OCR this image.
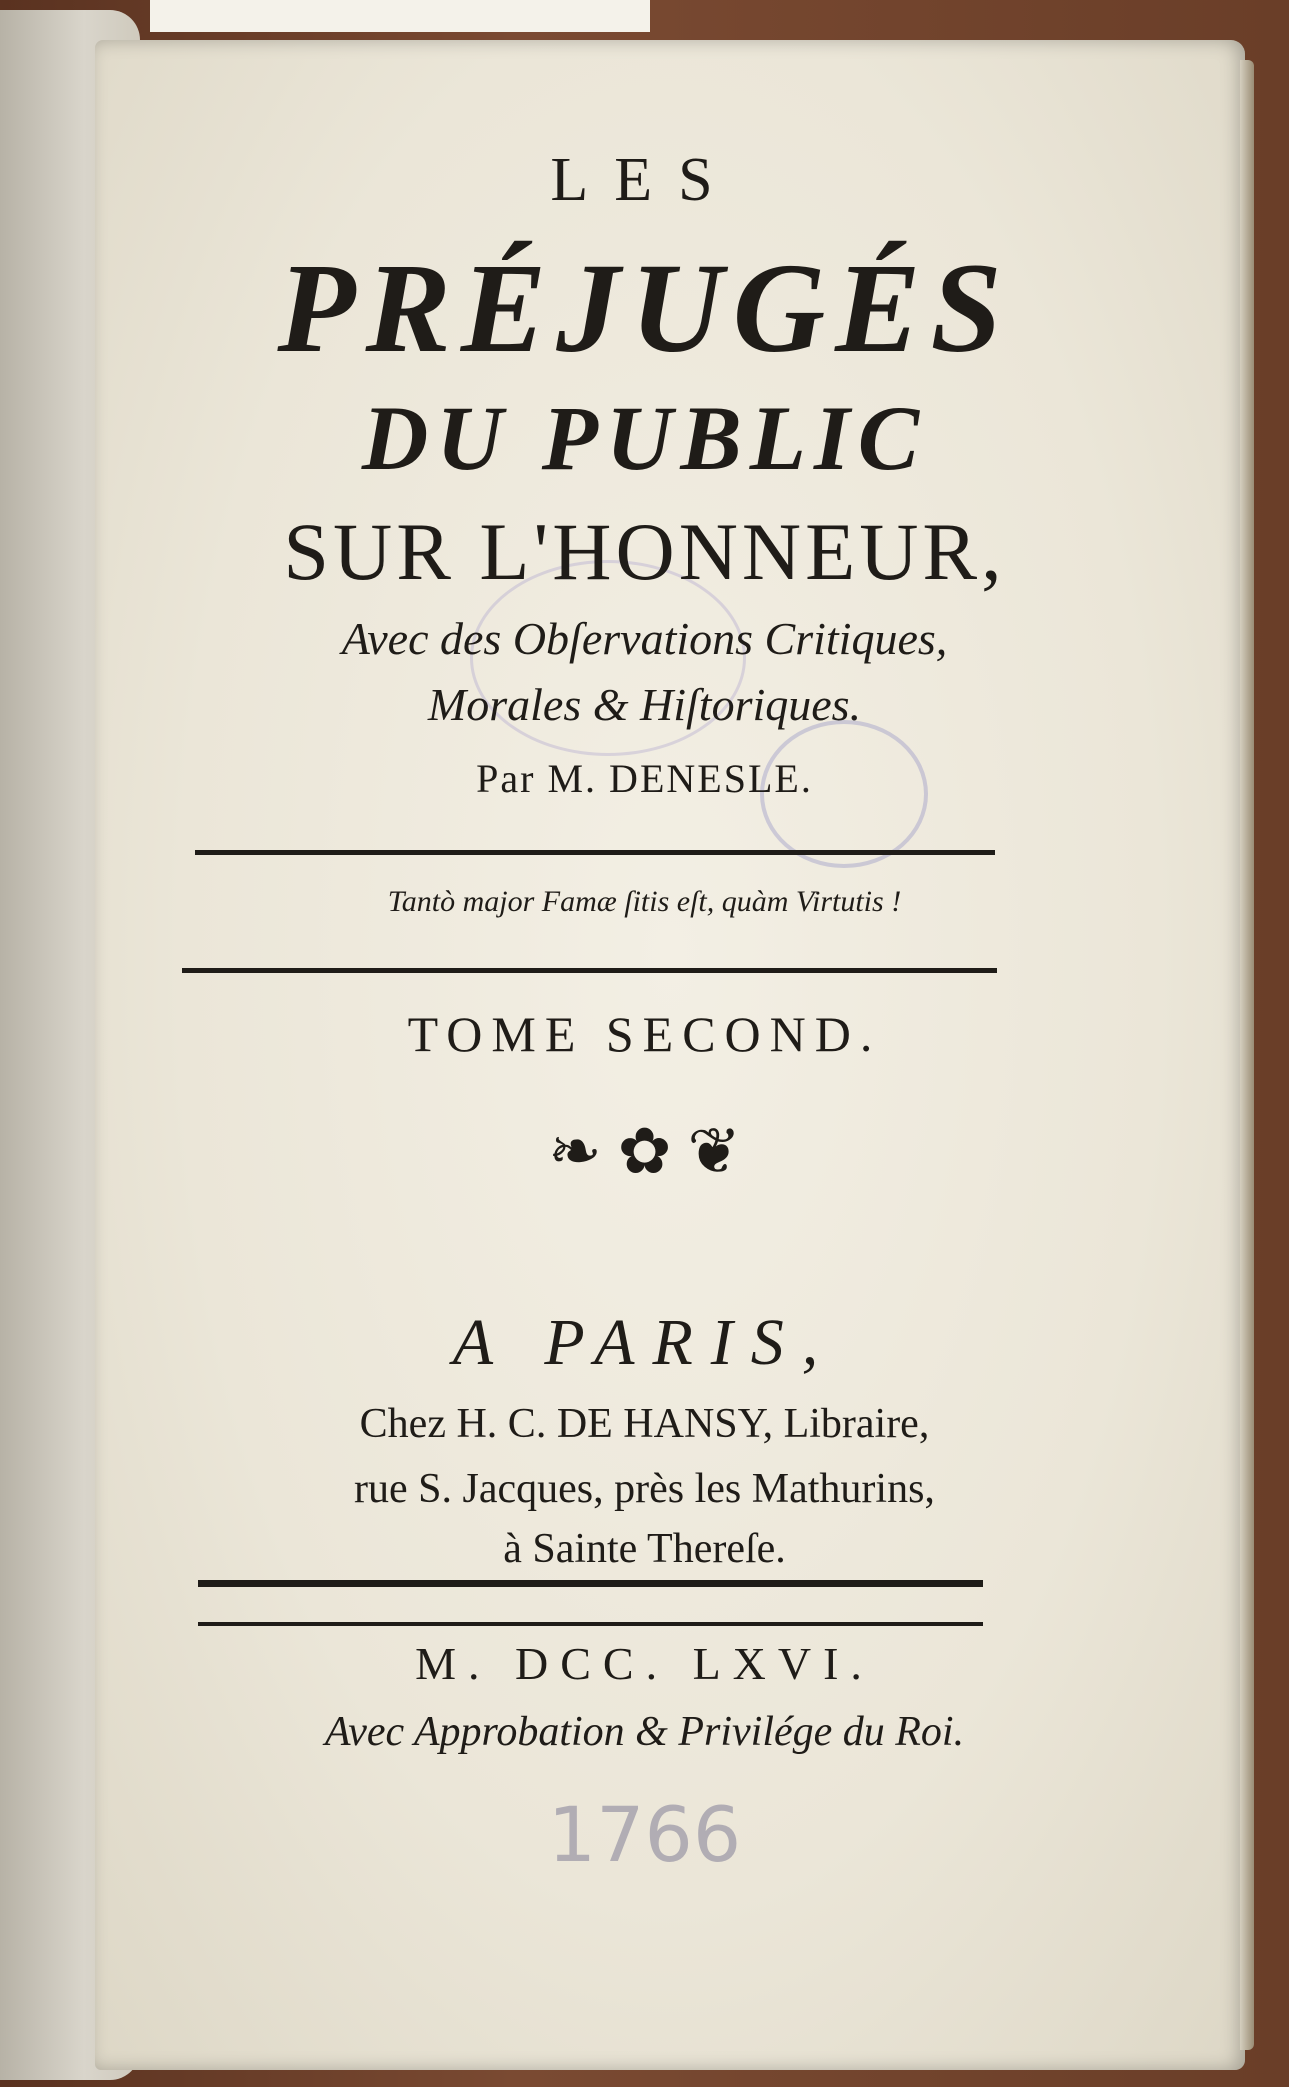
LES
PRÉJUGÉS
DU PUBLIC
SUR L'HONNEUR,
Avec des Obſervations Critiques,
Morales & Hiſtoriques.
Par M. DENESLE.
Tantò major Famæ ſitis eſt, quàm Virtutis !
TOME SECOND.
❧ ✿ ❦
A PARIS,
Chez H. C. DE HANSY, Libraire,
rue S. Jacques, près les Mathurins,
à Sainte Thereſe.
M. DCC. LXVI.
Avec Approbation & Privilége du Roi.
1766
